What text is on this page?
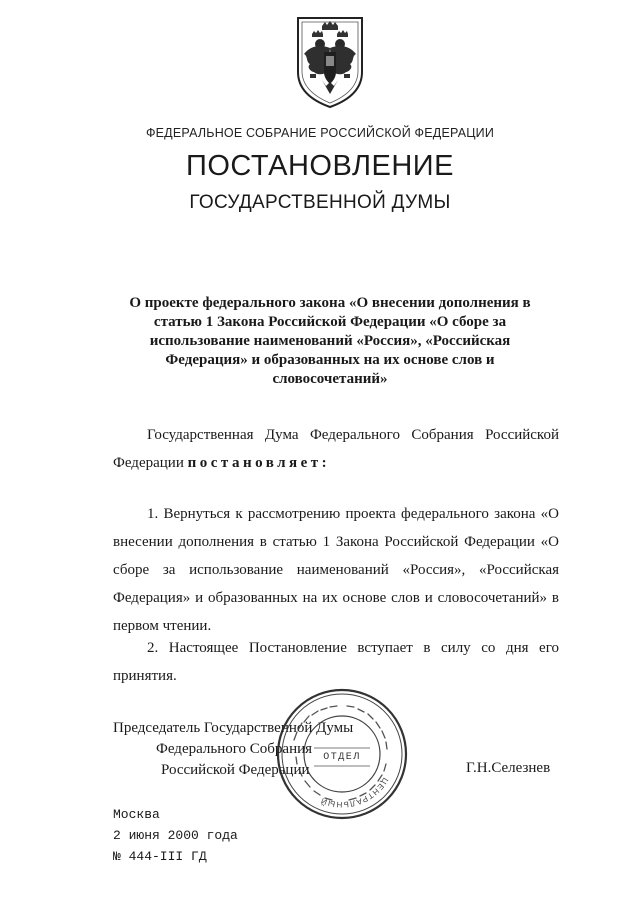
ФЕДЕРАЛЬНОЕ СОБРАНИЕ РОССИЙСКОЙ ФЕДЕРАЦИИ
ПОСТАНОВЛЕНИЕ
ГОСУДАРСТВЕННОЙ ДУМЫ
О проекте федерального закона «О внесении дополнения в
статью 1 Закона Российской Федерации «О сборе за
использование наименований «Россия», «Российская
Федерация» и образованных на их основе слов и
словосочетаний»
Государственная Дума Федерального Собрания Российской
Федерации постановляет:
1. Вернуться к рассмотрению проекта федерального закона «О
внесении дополнения в статью 1 Закона Российской Федерации «О
сборе за использование наименований «Россия», «Российская
Федерация» и образованных на их основе слов и словосочетаний» в
первом чтении.
2. Настоящее Постановление вступает в силу со дня его
принятия.
Председатель Государственной Думы
Федерального Собрания
Российской Федерации	Г.Н.Селезнев
ЦЕНТРАЛЬНЫЙ
ОТДЕЛ
Москва
2 июня 2000 года
№ 444-III ГД
